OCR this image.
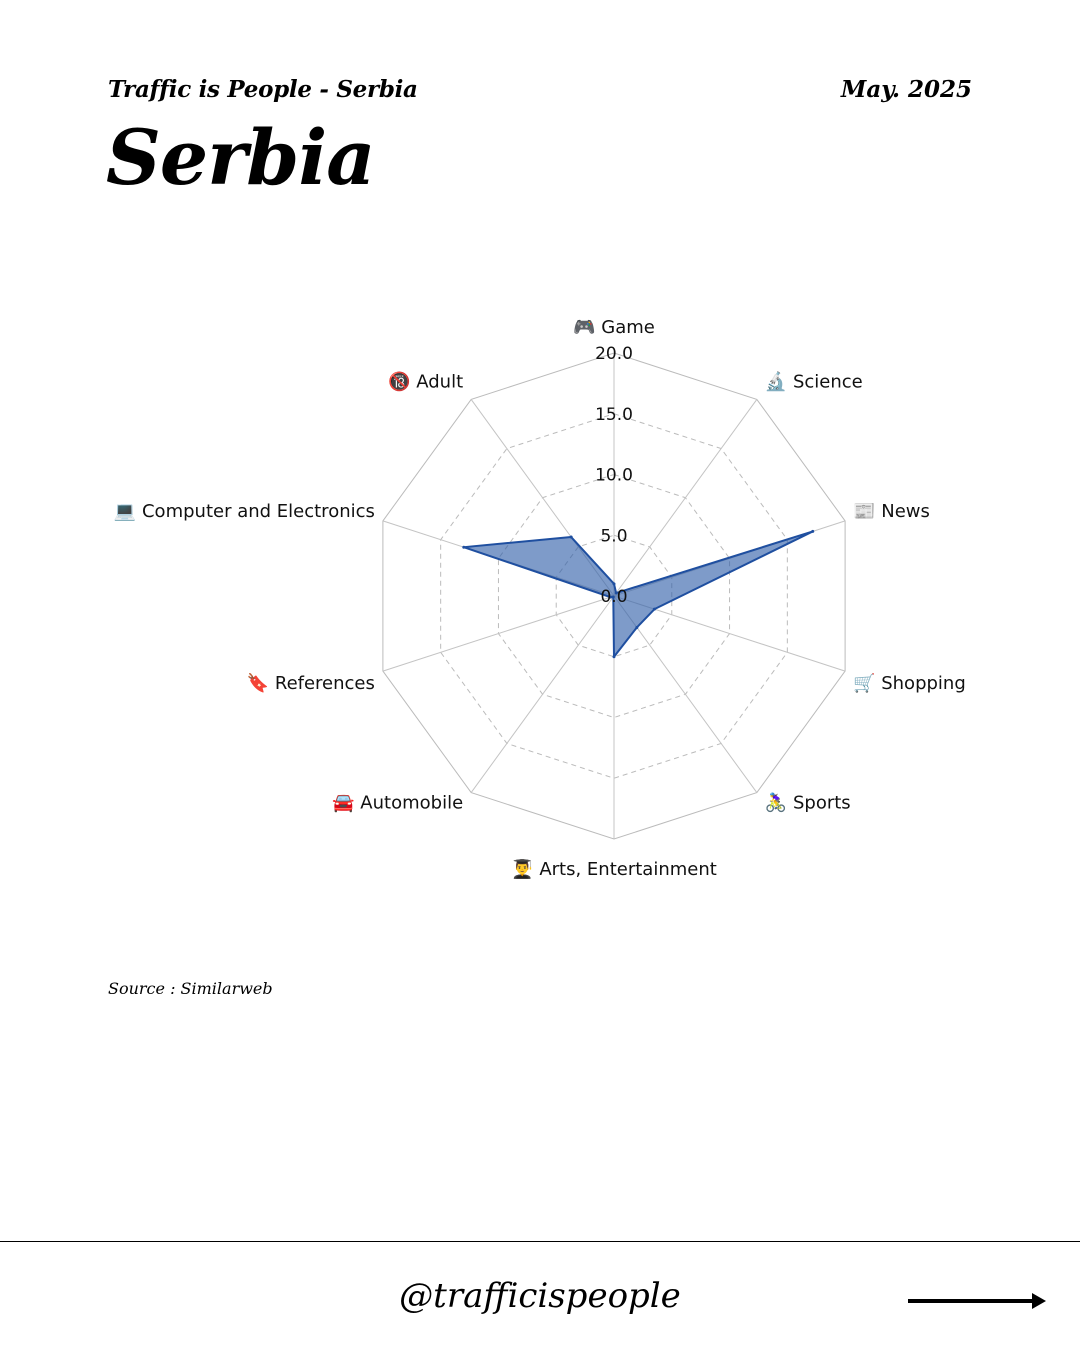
Traffic is People - Serbia	May. 2025
Serbia
0.0
5.0
10.0
15.0
20.0
🎮 Game
🔬 Science
📰 News
🛒 Shopping
🚴‍♀️ Sports
👨‍🎓 Arts, Entertainment
🚘 Automobile
🔖 References
💻 Computer and Electronics
🔞 Adult
Source : Similarweb
@trafficispeople
